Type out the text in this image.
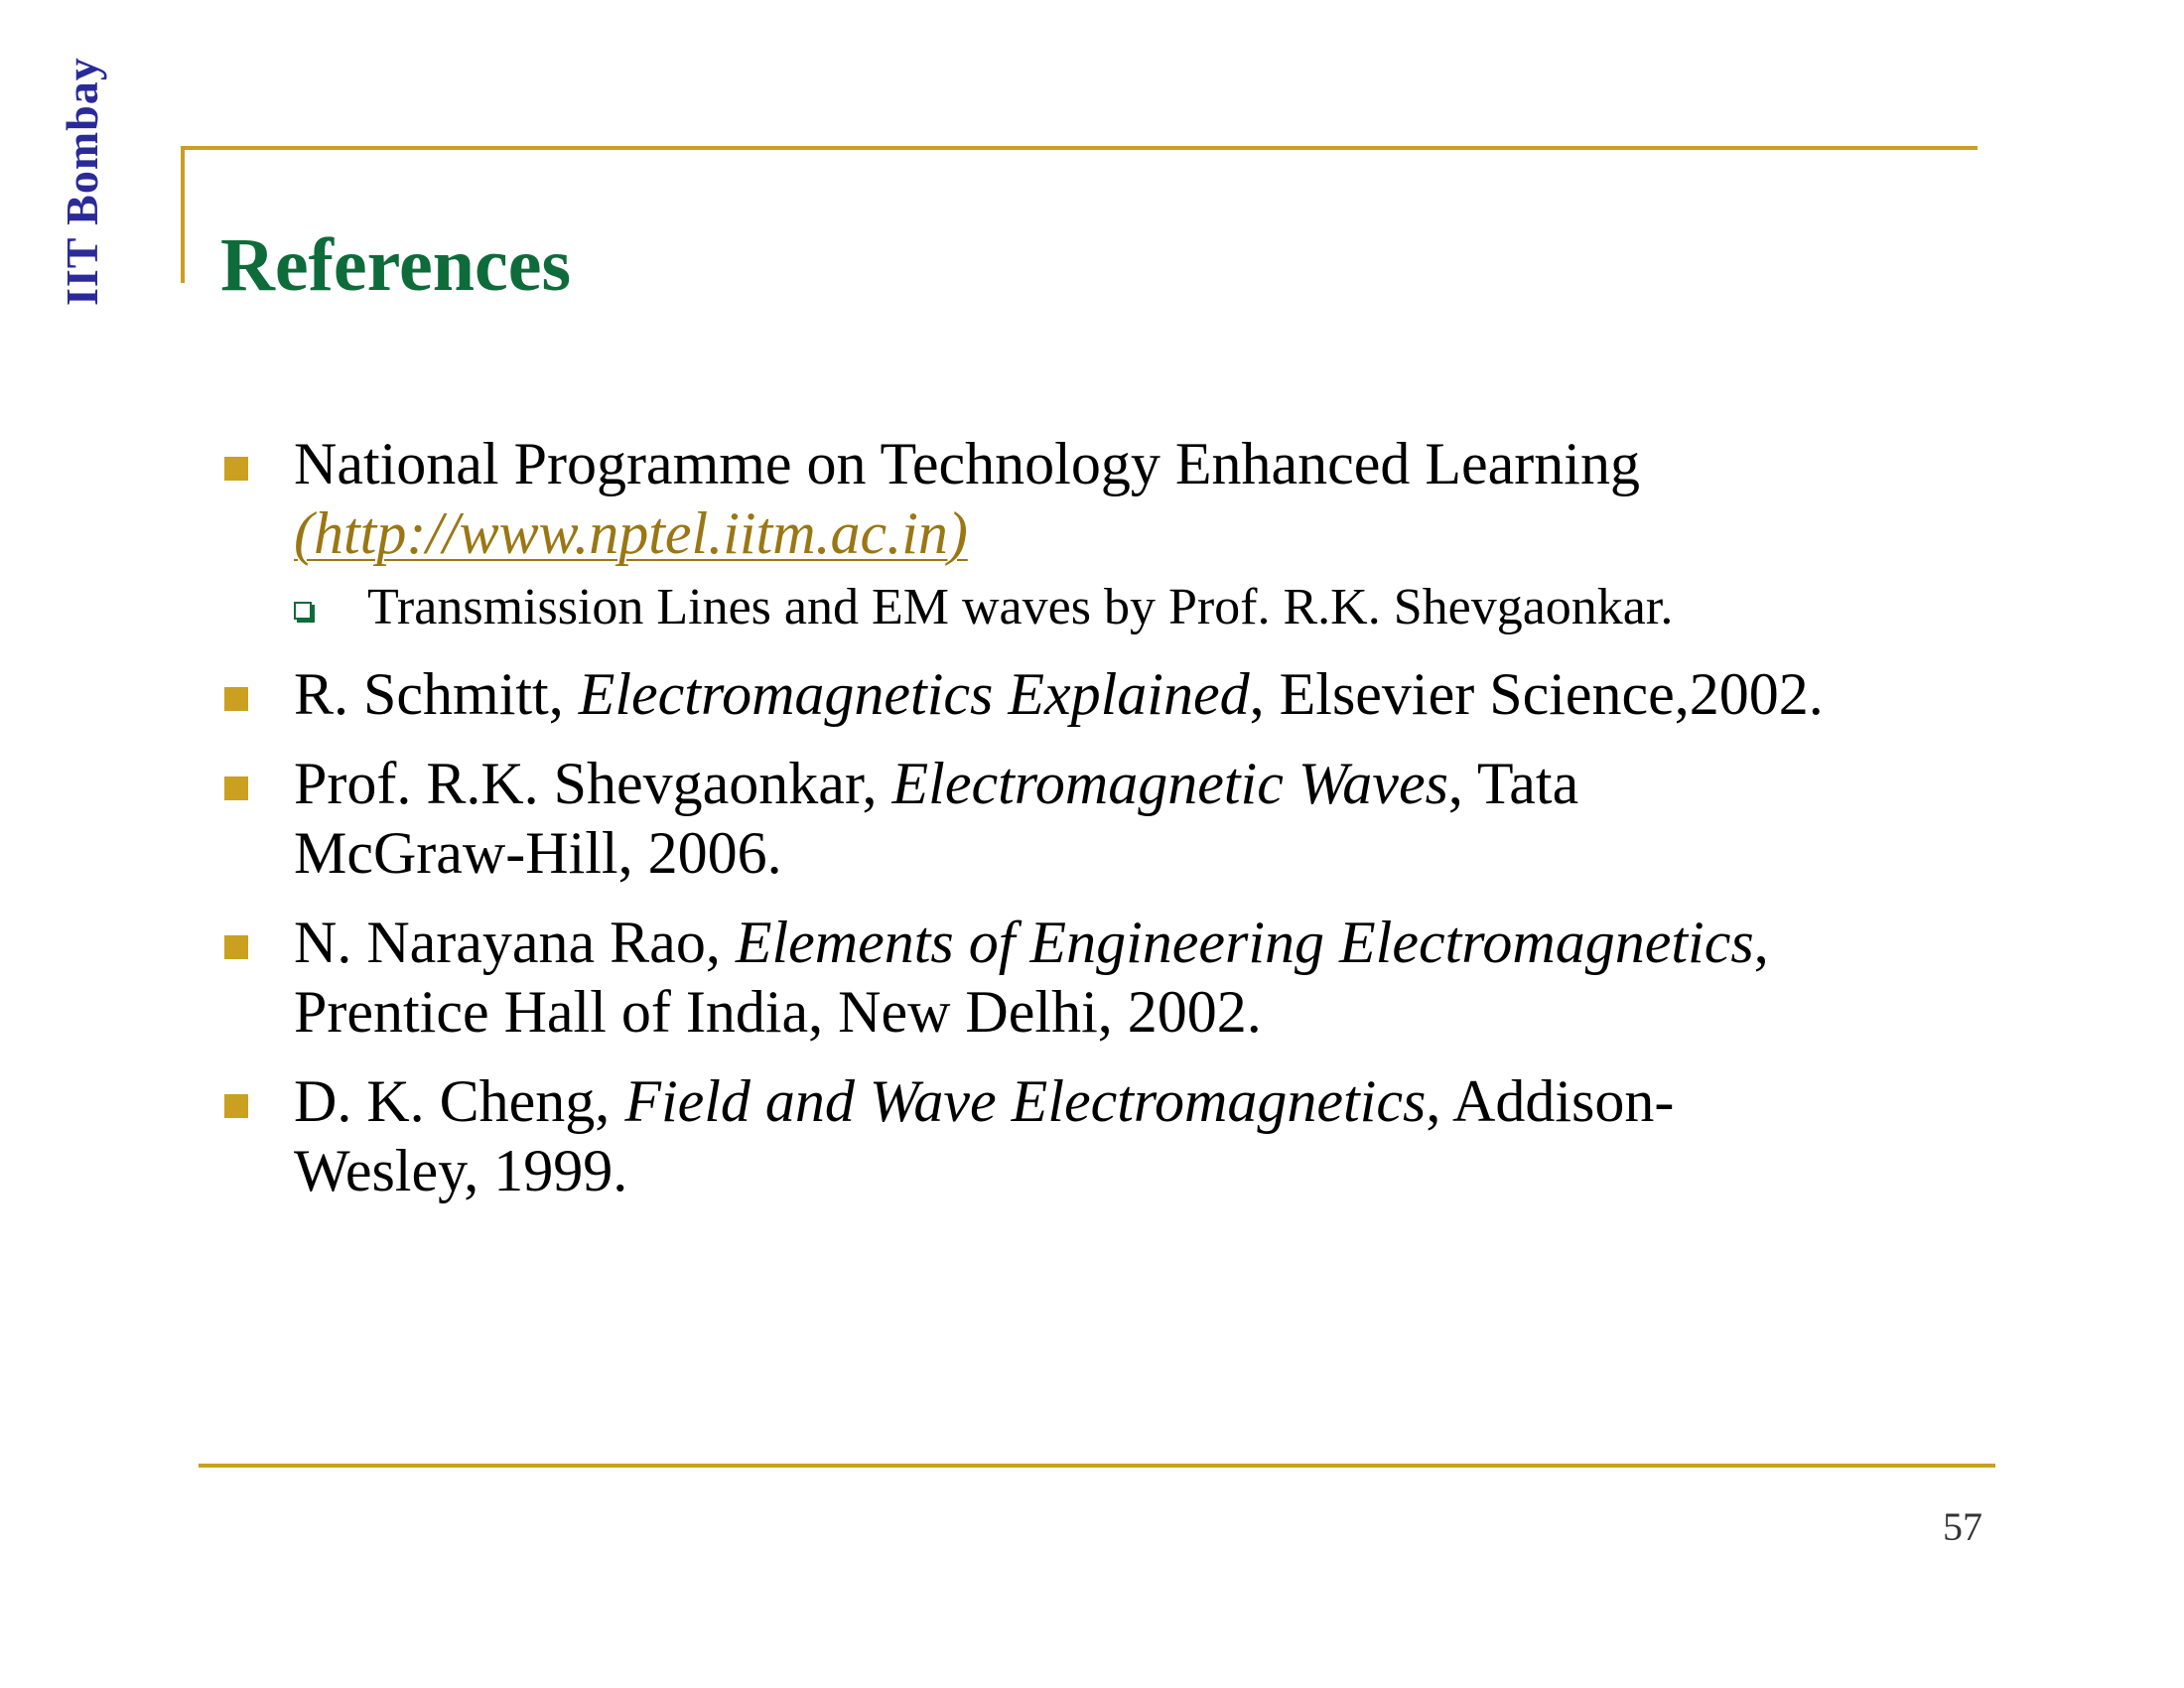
IIT Bombay References
National Programme on Technology Enhanced Learning
(http://www.nptel.iitm.ac.in)
Transmission Lines and EM waves by Prof. R.K. Shevgaonkar.
R. Schmitt, Electromagnetics Explained, Elsevier Science,2002.
Prof. R.K. Shevgaonkar, Electromagnetic Waves, Tata
McGraw-Hill, 2006.
N. Narayana Rao, Elements of Engineering Electromagnetics,
Prentice Hall of India, New Delhi, 2002.
D. K. Cheng, Field and Wave Electromagnetics, Addison-
Wesley, 1999.
57
